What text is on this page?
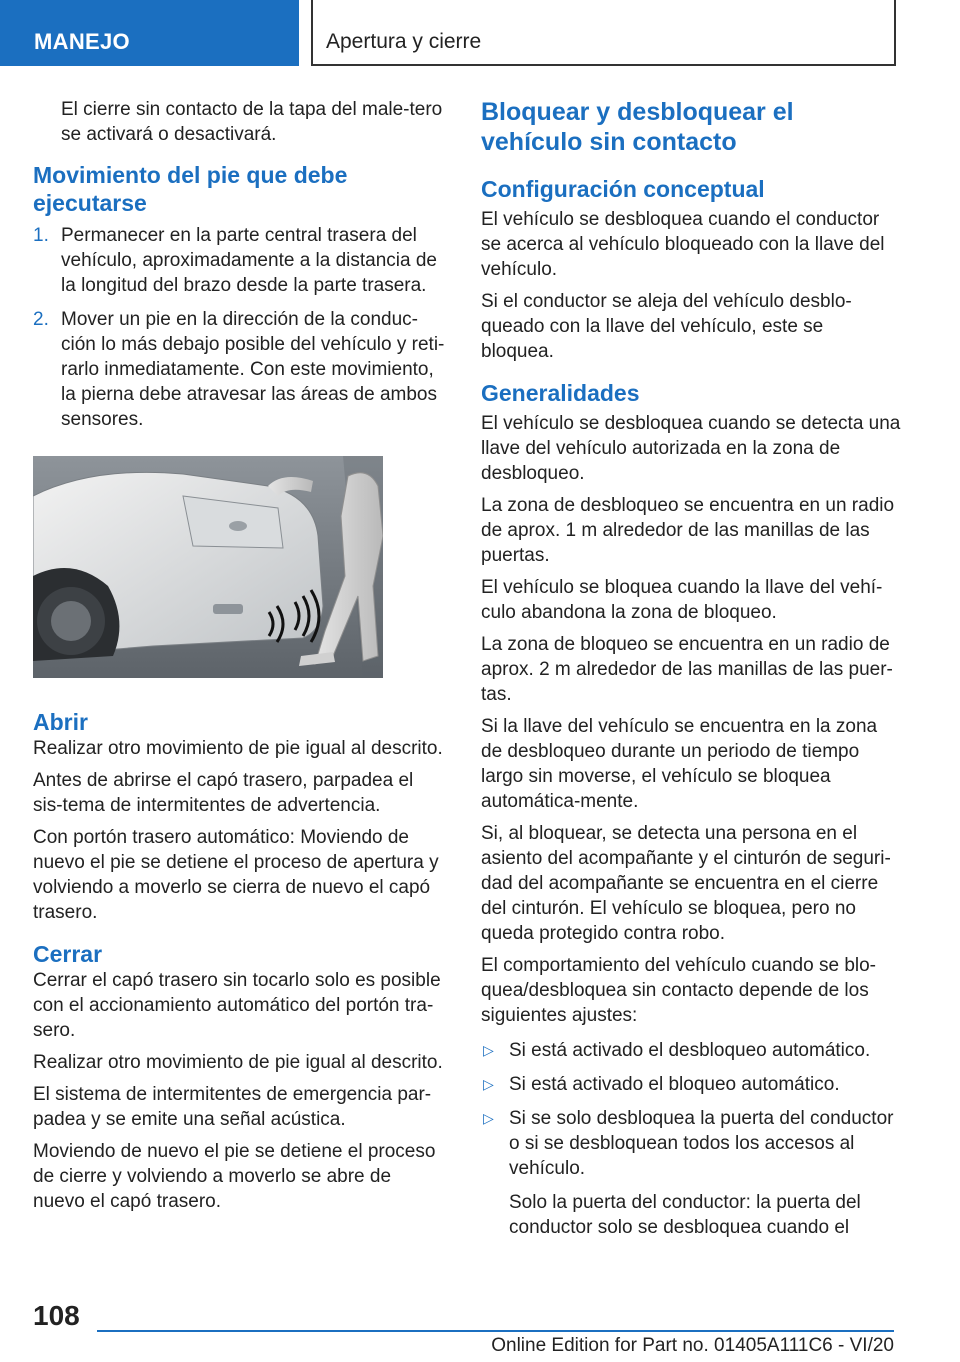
MANEJO	Apertura y cierre

El cierre sin contacto de la tapa del male-tero se activará o desactivará.

Movimiento del pie que debe ejecutarse
1. Permanecer en la parte central trasera del vehículo, aproximadamente a la distancia de la longitud del brazo desde la parte trasera.
2. Mover un pie en la dirección de la conduc-ción lo más debajo posible del vehículo y reti-rarlo inmediatamente. Con este movimiento, la pierna debe atravesar las áreas de ambos sensores.
Abrir

Realizar otro movimiento de pie igual al descrito.

Antes de abrirse el capó trasero, parpadea el sis-tema de intermitentes de advertencia.

Con portón trasero automático: Moviendo de nuevo el pie se detiene el proceso de apertura y volviendo a moverlo se cierra de nuevo el capó trasero.

Cerrar

Cerrar el capó trasero sin tocarlo solo es posible con el accionamiento automático del portón tra-sero.

Realizar otro movimiento de pie igual al descrito.

El sistema de intermitentes de emergencia par-padea y se emite una señal acústica.

Moviendo de nuevo el pie se detiene el proceso de cierre y volviendo a moverlo se abre de nuevo el capó trasero.

Bloquear y desbloquear el vehículo sin contacto
Configuración conceptual

El vehículo se desbloquea cuando el conductor se acerca al vehículo bloqueado con la llave del vehículo.

Si el conductor se aleja del vehículo desblo-queado con la llave del vehículo, este se bloquea.

Generalidades

El vehículo se desbloquea cuando se detecta una llave del vehículo autorizada en la zona de desbloqueo.

La zona de desbloqueo se encuentra en un radio de aprox. 1 m alrededor de las manillas de las puertas.

El vehículo se bloquea cuando la llave del vehí-culo abandona la zona de bloqueo.

La zona de bloqueo se encuentra en un radio de aprox. 2 m alrededor de las manillas de las puer-tas.

Si la llave del vehículo se encuentra en la zona de desbloqueo durante un periodo de tiempo largo sin moverse, el vehículo se bloquea automática-mente.

Si, al bloquear, se detecta una persona en el asiento del acompañante y el cinturón de seguri-dad del acompañante se encuentra en el cierre del cinturón. El vehículo se bloquea, pero no queda protegido contra robo.

El comportamiento del vehículo cuando se blo-quea/desbloquea sin contacto depende de los siguientes ajustes:

▷ Si está activado el desbloqueo automático.
▷ Si está activado el bloqueo automático.
▷ Si se solo desbloquea la puerta del conductor o si se desbloquean todos los accesos al vehículo.

Solo la puerta del conductor: la puerta del conductor solo se desbloquea cuando el

108
Online Edition for Part no. 01405A111C6 - VI/20
